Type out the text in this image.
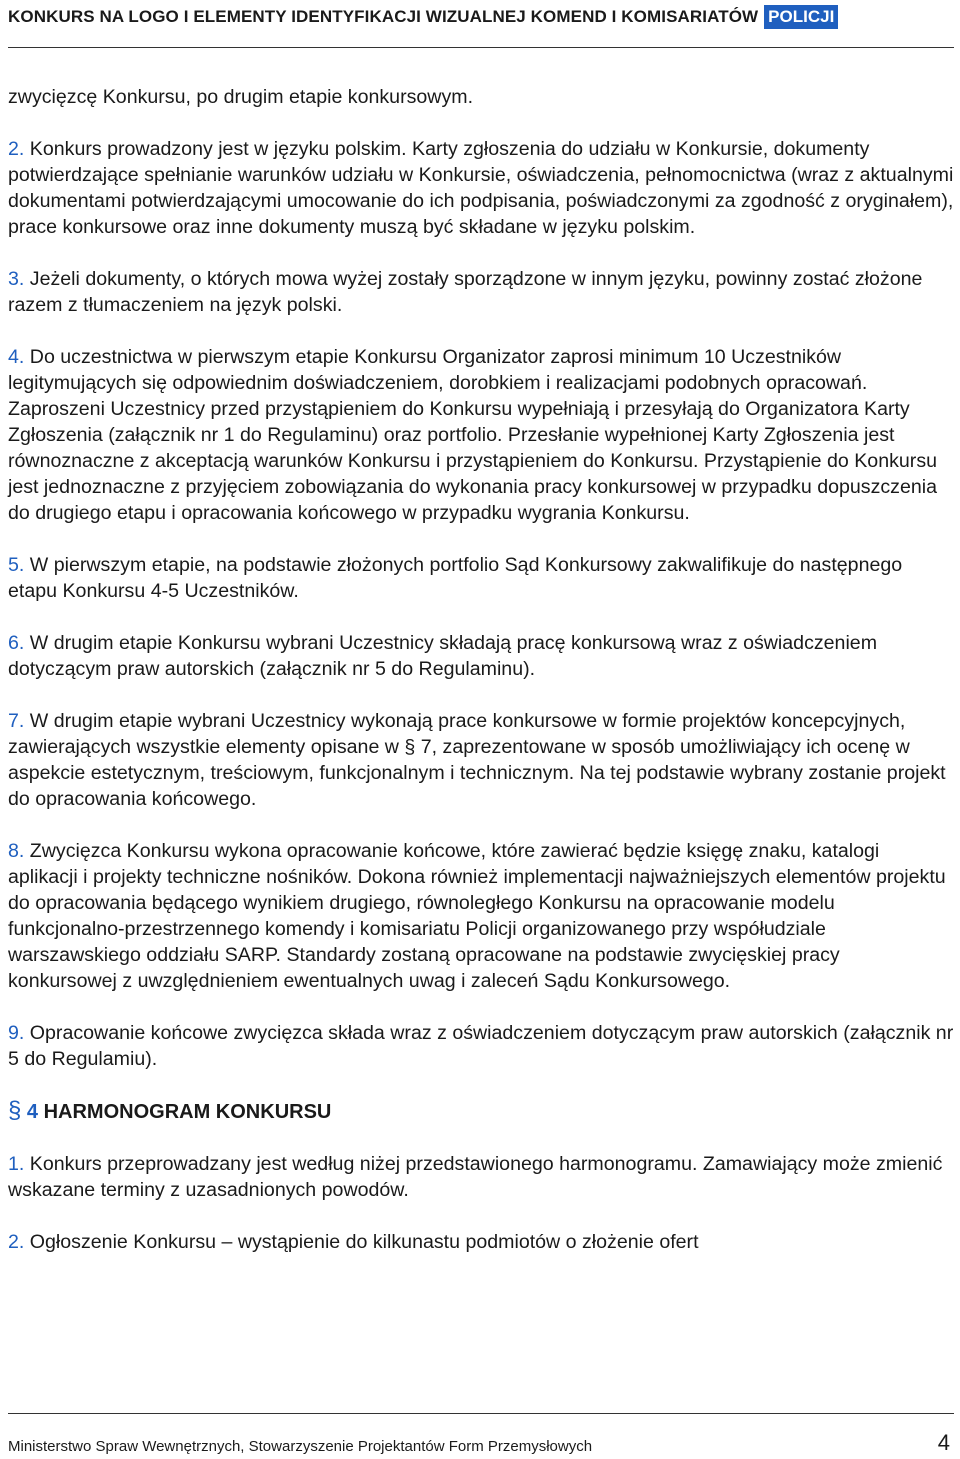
KONKURS NA LOGO I ELEMENTY IDENTYFIKACJI WIZUALNEJ KOMEND I KOMISARIATÓW POLICJI

zwycięzcę Konkursu, po drugim etapie konkursowym.

2. Konkurs prowadzony jest w języku polskim. Karty zgłoszenia do udziału w Konkursie, dokumenty potwierdzające spełnianie warunków udziału w Konkursie, oświadczenia, pełnomocnictwa (wraz z aktualnymi dokumentami potwierdzającymi umocowanie do ich podpisania, poświadczonymi za zgodność z oryginałem), prace konkursowe oraz inne dokumenty muszą być składane w języku polskim.

3. Jeżeli dokumenty, o których mowa wyżej zostały sporządzone w innym języku, powinny zostać złożone razem z tłumaczeniem na język polski.

4. Do uczestnictwa w pierwszym etapie Konkursu Organizator zaprosi minimum 10 Uczestników legitymujących się odpowiednim doświadczeniem, dorobkiem i realizacjami podobnych opracowań. Zaproszeni Uczestnicy przed przystąpieniem do Konkursu wypełniają i przesyłają do Organizatora Karty Zgłoszenia (załącznik nr 1 do Regulaminu) oraz portfolio. Przesłanie wypełnionej Karty Zgłoszenia jest równoznaczne z akceptacją warunków Konkursu i przystąpieniem do Konkursu. Przystąpienie do Konkursu jest jednoznaczne z przyjęciem zobowiązania do wykonania pracy konkursowej w przypadku dopuszczenia do drugiego etapu i opracowania końcowego w przypadku wygrania Konkursu.

5. W pierwszym etapie, na podstawie złożonych portfolio Sąd Konkursowy zakwalifikuje do następnego etapu Konkursu 4-5 Uczestników.

6. W drugim etapie Konkursu wybrani Uczestnicy składają pracę konkursową wraz z oświadczeniem dotyczącym praw autorskich (załącznik nr 5 do Regulaminu).

7. W drugim etapie wybrani Uczestnicy wykonają prace konkursowe w formie projektów koncepcyjnych, zawierających wszystkie elementy opisane w § 7, zaprezentowane w sposób umożliwiający ich ocenę w aspekcie estetycznym, treściowym, funkcjonalnym i technicznym. Na tej podstawie wybrany zostanie projekt do opracowania końcowego.

8. Zwycięzca Konkursu wykona opracowanie końcowe, które zawierać będzie księgę znaku, katalogi aplikacji i projekty techniczne nośników. Dokona również implementacji najważniejszych elementów projektu do opracowania będącego wynikiem drugiego, równoległego Konkursu na opracowanie modelu funkcjonalno-przestrzennego komendy i komisariatu Policji organizowanego przy współudziale warszawskiego oddziału SARP. Standardy zostaną opracowane na podstawie zwycięskiej pracy konkursowej z uwzględnieniem ewentualnych uwag i zaleceń Sądu Konkursowego.

9. Opracowanie końcowe zwycięzca składa wraz z oświadczeniem dotyczącym praw autorskich (załącznik nr 5 do Regulamiu).

§ 4 HARMONOGRAM KONKURSU

1. Konkurs przeprowadzany jest według niżej przedstawionego harmonogramu. Zamawiający może zmienić wskazane terminy z uzasadnionych powodów.

2. Ogłoszenie Konkursu – wystąpienie do kilkunastu podmiotów o złożenie ofert

Ministerstwo Spraw Wewnętrznych, Stowarzyszenie Projektantów Form Przemysłowych	4
